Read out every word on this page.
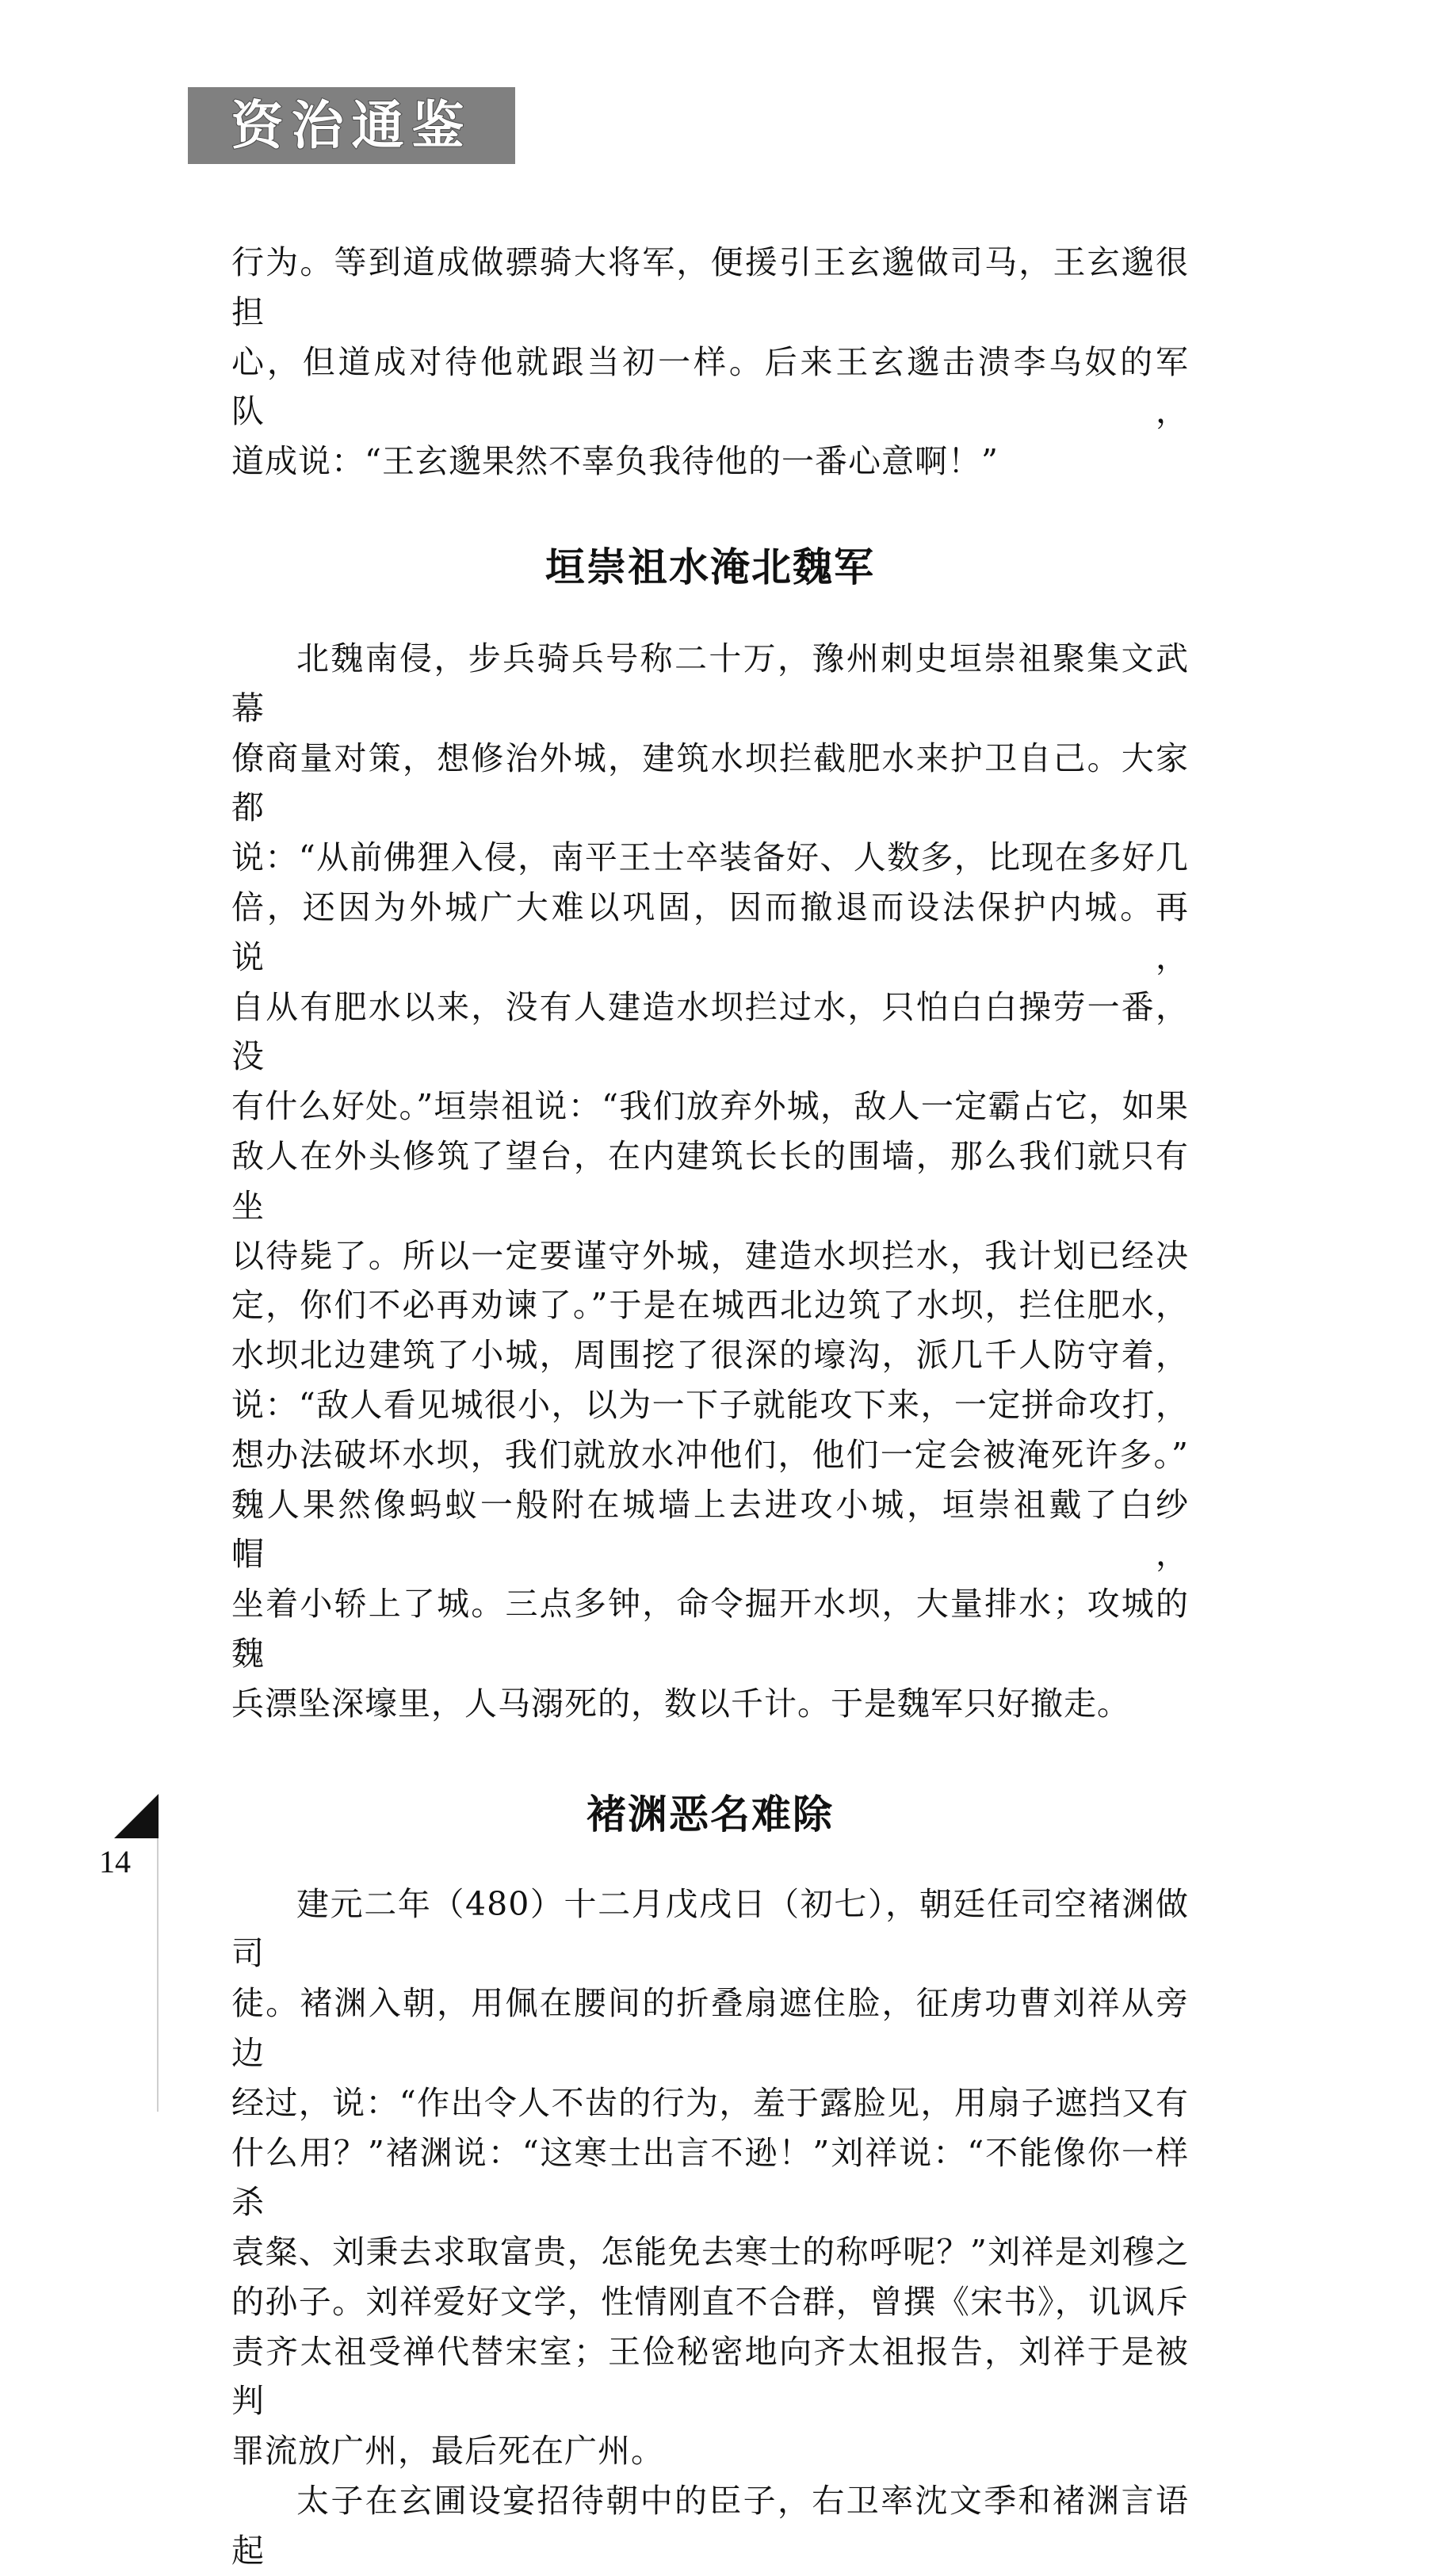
资治通鉴
行为。等到道成做骠骑大将军，便援引王玄邈做司马，王玄邈很担
心，但道成对待他就跟当初一样。后来王玄邈击溃李乌奴的军队，
道成说：“王玄邈果然不辜负我待他的一番心意啊！”
垣崇祖水淹北魏军
北魏南侵，步兵骑兵号称二十万，豫州刺史垣崇祖聚集文武幕
僚商量对策，想修治外城，建筑水坝拦截肥水来护卫自己。大家都
说：“从前佛狸入侵，南平王士卒装备好、人数多，比现在多好几
倍，还因为外城广大难以巩固，因而撤退而设法保护内城。再说，
自从有肥水以来，没有人建造水坝拦过水，只怕白白操劳一番，没
有什么好处。”垣崇祖说：“我们放弃外城，敌人一定霸占它，如果
敌人在外头修筑了望台，在内建筑长长的围墙，那么我们就只有坐
以待毙了。所以一定要谨守外城，建造水坝拦水，我计划已经决
定，你们不必再劝谏了。”于是在城西北边筑了水坝，拦住肥水，
水坝北边建筑了小城，周围挖了很深的壕沟，派几千人防守着，
说：“敌人看见城很小，以为一下子就能攻下来，一定拼命攻打，
想办法破坏水坝，我们就放水冲他们，他们一定会被淹死许多。”
魏人果然像蚂蚁一般附在城墙上去进攻小城，垣崇祖戴了白纱帽，
坐着小轿上了城。三点多钟，命令掘开水坝，大量排水；攻城的魏
兵漂坠深壕里，人马溺死的，数以千计。于是魏军只好撤走。
褚渊恶名难除
建元二年（480）十二月戊戌日（初七），朝廷任司空褚渊做司
徒。褚渊入朝，用佩在腰间的折叠扇遮住脸，征虏功曹刘祥从旁边
经过，说：“作出令人不齿的行为，羞于露脸见，用扇子遮挡又有
什么用？”褚渊说：“这寒士出言不逊！”刘祥说：“不能像你一样杀
袁粲、刘秉去求取富贵，怎能免去寒士的称呼呢？”刘祥是刘穆之
的孙子。刘祥爱好文学，性情刚直不合群，曾撰《宋书》，讥讽斥
责齐太祖受禅代替宋室；王俭秘密地向齐太祖报告，刘祥于是被判
罪流放广州，最后死在广州。
太子在玄圃设宴招待朝中的臣子，右卫率沈文季和褚渊言语起
14
